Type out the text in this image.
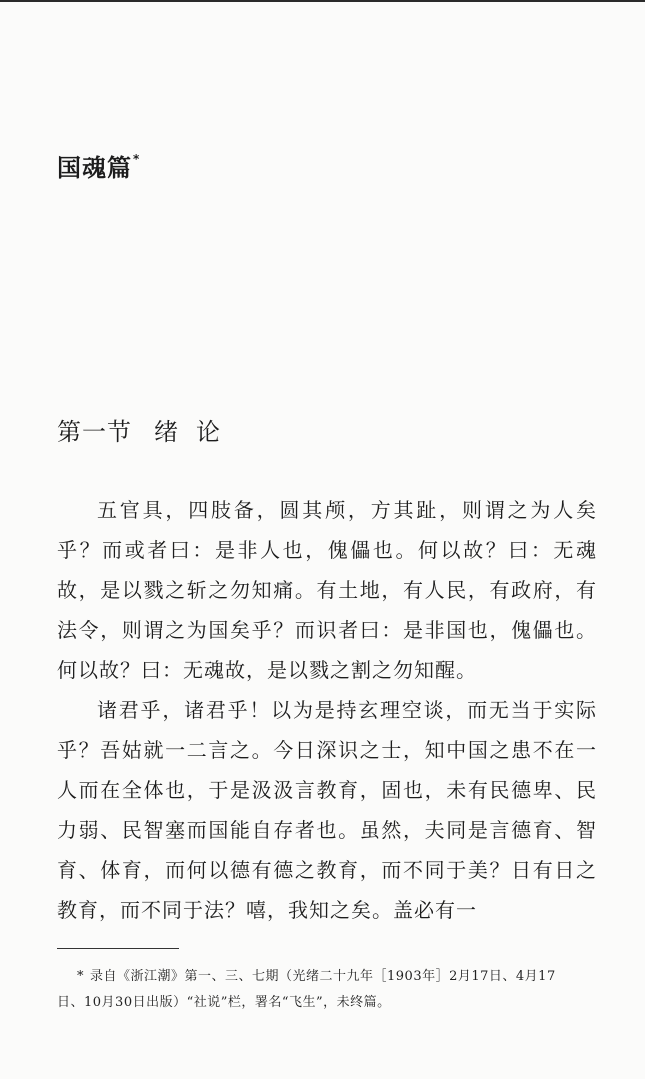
国魂篇*
第一节 绪论

五官具，四肢备，圆其颅，方其趾，则谓之为人矣乎？而或者曰：是非人也，傀儡也。何以故？曰：无魂故，是以戮之斩之勿知痛。有土地，有人民，有政府，有法令，则谓之为国矣乎？而识者曰：是非国也，傀儡也。何以故？曰：无魂故，是以戮之割之勿知醒。

诸君乎，诸君乎！以为是持玄理空谈，而无当于实际乎？吾姑就一二言之。今日深识之士，知中国之患不在一人而在全体也，于是汲汲言教育，固也，未有民德卑、民力弱、民智塞而国能自存者也。虽然，夫同是言德育、智育、体育，而何以德有德之教育，而不同于美？日有日之教育，而不同于法？嘻，我知之矣。盖必有一

* 录自《浙江潮》第一、三、七期（光绪二十九年［1903年］2月17日、4月17日、10月30日出版）“社说”栏，署名“飞生”，未终篇。
